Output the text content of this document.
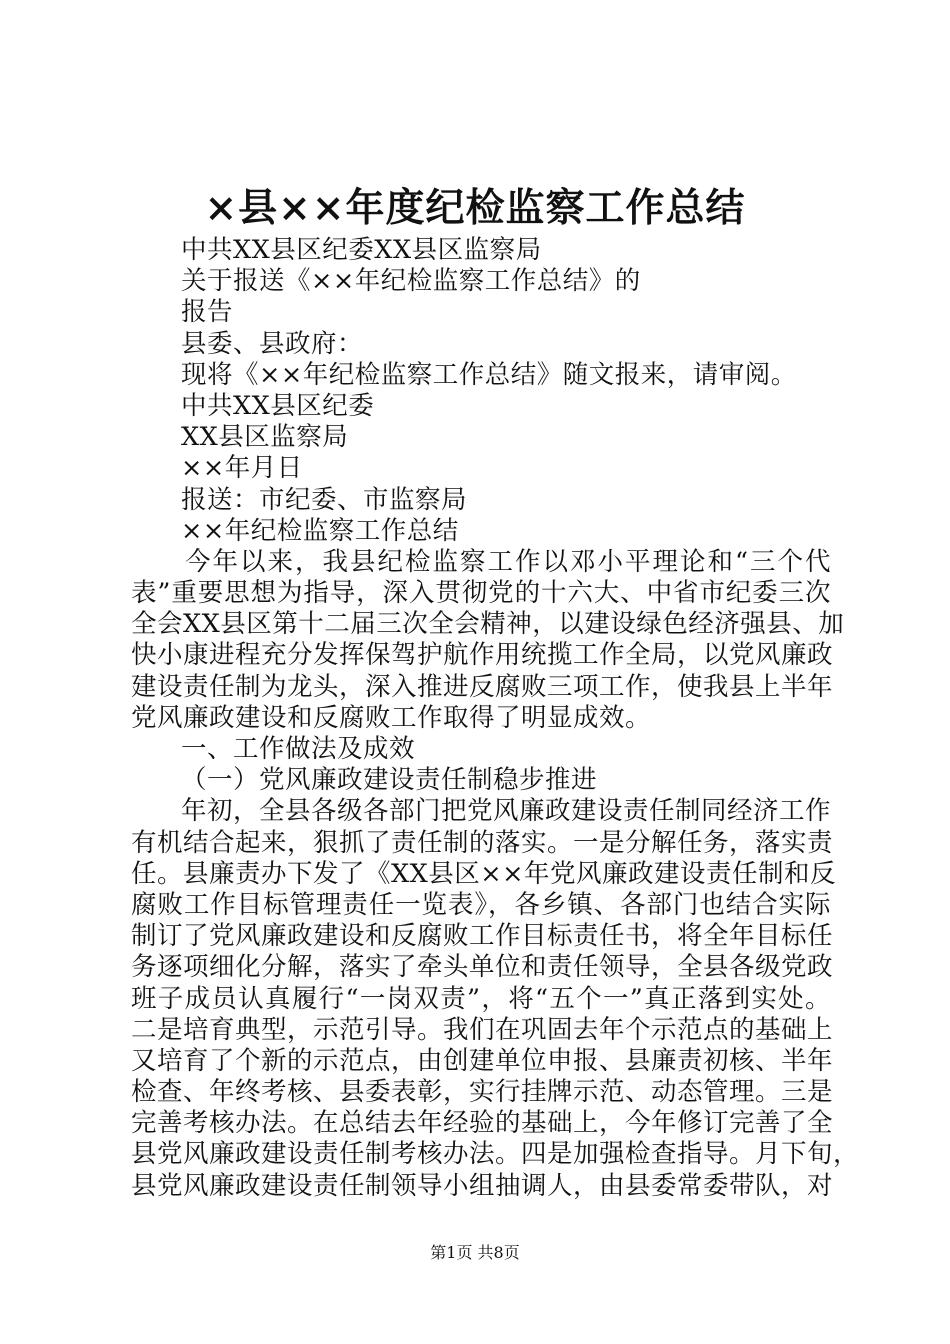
×县××年度纪检监察工作总结
中共XX县区纪委XX县区监察局
关于报送《××年纪检监察工作总结》的
报告
县委、县政府：
现将《××年纪检监察工作总结》随文报来，请审阅。
中共XX县区纪委
XX县区监察局
××年月日
报送：市纪委、市监察局
××年纪检监察工作总结
今年以来，我县纪检监察工作以邓小平理论和“三个代
表”重要思想为指导，深入贯彻党的十六大、中省市纪委三次
全会XX县区第十二届三次全会精神，以建设绿色经济强县、加
快小康进程充分发挥保驾护航作用统揽工作全局，以党风廉政
建设责任制为龙头，深入推进反腐败三项工作，使我县上半年
党风廉政建设和反腐败工作取得了明显成效。
一、工作做法及成效
（一）党风廉政建设责任制稳步推进
年初，全县各级各部门把党风廉政建设责任制同经济工作
有机结合起来，狠抓了责任制的落实。一是分解任务，落实责
任。县廉责办下发了《XX县区××年党风廉政建设责任制和反
腐败工作目标管理责任一览表》，各乡镇、各部门也结合实际
制订了党风廉政建设和反腐败工作目标责任书，将全年目标任
务逐项细化分解，落实了牵头单位和责任领导，全县各级党政
班子成员认真履行“一岗双责”，将“五个一”真正落到实处。
二是培育典型，示范引导。我们在巩固去年个示范点的基础上
又培育了个新的示范点，由创建单位申报、县廉责初核、半年
检查、年终考核、县委表彰，实行挂牌示范、动态管理。三是
完善考核办法。在总结去年经验的基础上，今年修订完善了全
县党风廉政建设责任制考核办法。四是加强检查指导。月下旬，
县党风廉政建设责任制领导小组抽调人，由县委常委带队，对
第1页 共8页
